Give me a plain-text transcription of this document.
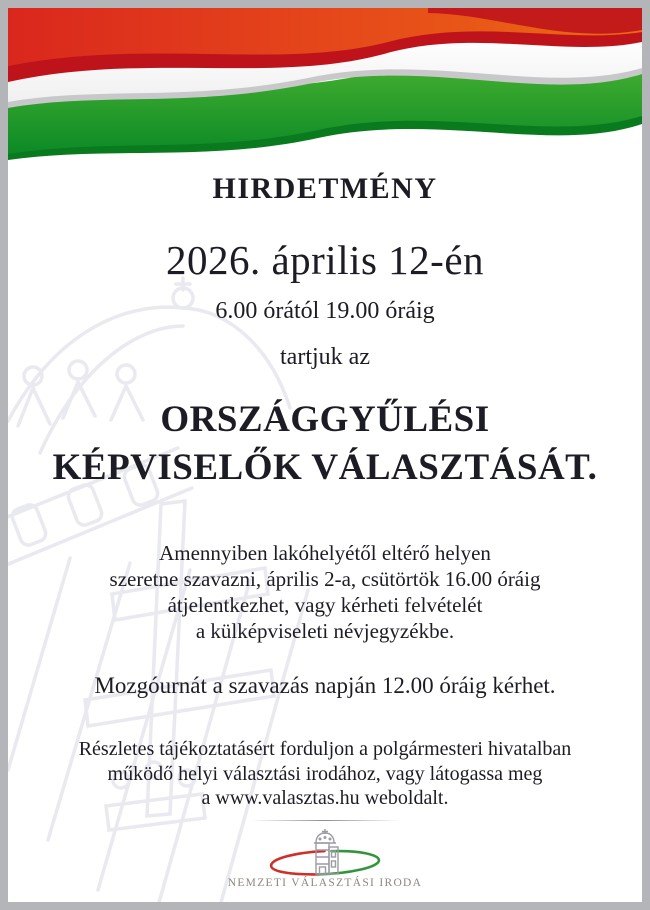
HIRDETMÉNY
2026. április 12-én
6.00 órától 19.00 óráig
tartjuk az
ORSZÁGGYŰLÉSI
KÉPVISELŐK VÁLASZTÁSÁT.
Amennyiben lakóhelyétől eltérő helyen
szeretne szavazni, április 2-a, csütörtök 16.00 óráig
átjelentkezhet, vagy kérheti felvételét
a külképviseleti névjegyzékbe.
Mozgóurnát a szavazás napján 12.00 óráig kérhet.
Részletes tájékoztatásért forduljon a polgármesteri hivatalban
működő helyi választási irodához, vagy látogassa meg
a www.valasztas.hu weboldalt.
NEMZETI VÁLASZTÁSI IRODA
